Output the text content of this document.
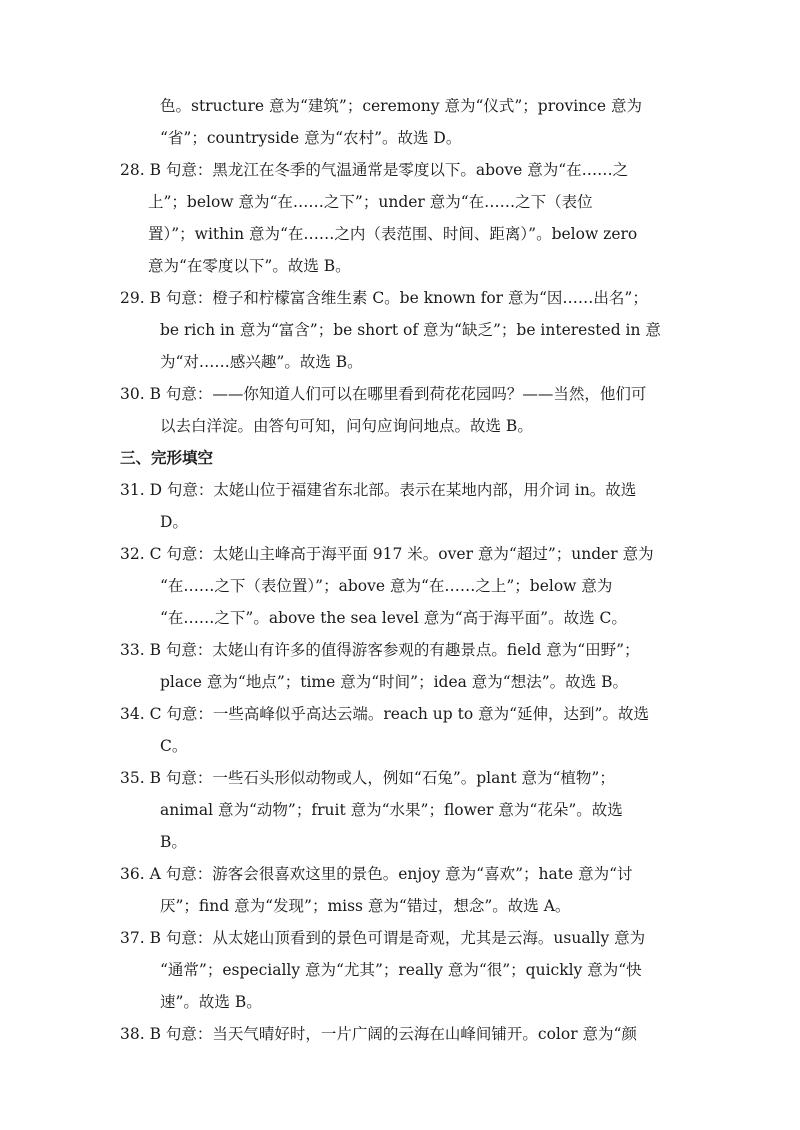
色。structure 意为“建筑”；ceremony 意为“仪式”；province 意为
“省”；countryside 意为“农村”。故选 D。
28. B 句意：黑龙江在冬季的气温通常是零度以下。above 意为“在……之
上”；below 意为“在……之下”；under 意为“在……之下（表位
置）”；within 意为“在……之内（表范围、时间、距离）”。below zero
意为“在零度以下”。故选 B。
29. B 句意：橙子和柠檬富含维生素 C。be known for 意为“因……出名”；
be rich in 意为“富含”；be short of 意为“缺乏”；be interested in 意
为“对……感兴趣”。故选 B。
30. B 句意：——你知道人们可以在哪里看到荷花花园吗？——当然，他们可
以去白洋淀。由答句可知，问句应询问地点。故选 B。
三、完形填空
31. D 句意：太姥山位于福建省东北部。表示在某地内部，用介词 in。故选
D。
32. C 句意：太姥山主峰高于海平面 917 米。over 意为“超过”；under 意为
“在……之下（表位置）”；above 意为“在……之上”；below 意为
“在……之下”。above the sea level 意为“高于海平面”。故选 C。
33. B 句意：太姥山有许多的值得游客参观的有趣景点。field 意为“田野”；
place 意为“地点”；time 意为“时间”；idea 意为“想法”。故选 B。
34. C 句意：一些高峰似乎高达云端。reach up to 意为“延伸，达到”。故选
C。
35. B 句意：一些石头形似动物或人，例如“石兔”。plant 意为“植物”；
animal 意为“动物”；fruit 意为“水果”；flower 意为“花朵”。故选
B。
36. A 句意：游客会很喜欢这里的景色。enjoy 意为“喜欢”；hate 意为“讨
厌”；find 意为“发现”；miss 意为“错过，想念”。故选 A。
37. B 句意：从太姥山顶看到的景色可谓是奇观，尤其是云海。usually 意为
“通常”；especially 意为“尤其”；really 意为“很”；quickly 意为“快
速”。故选 B。
38. B 句意：当天气晴好时，一片广阔的云海在山峰间铺开。color 意为“颜
